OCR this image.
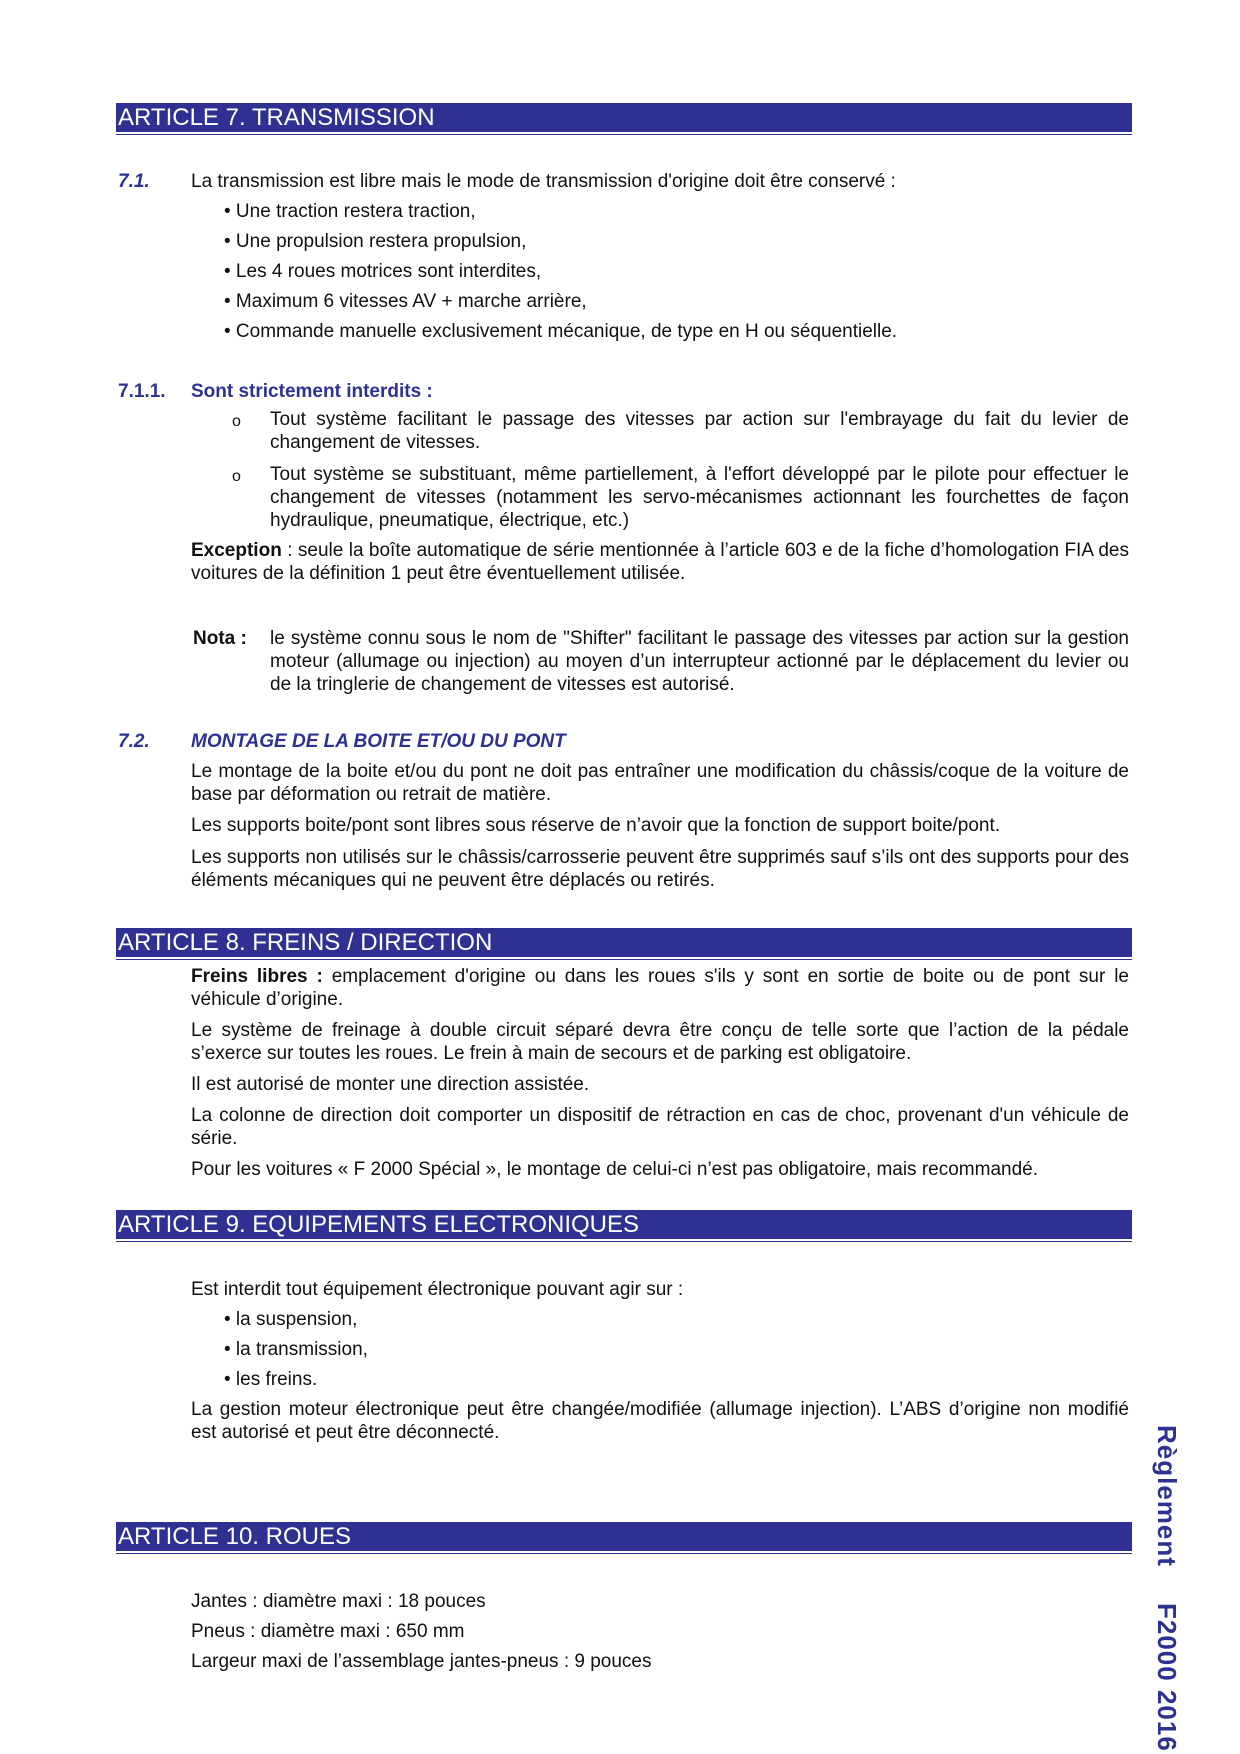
ARTICLE 7. TRANSMISSION
7.1. La transmission est libre mais le mode de transmission d'origine doit être conservé :
• Une traction restera traction,
• Une propulsion restera propulsion,
• Les 4 roues motrices sont interdites,
• Maximum 6 vitesses AV + marche arrière,
• Commande manuelle exclusivement mécanique, de type en H ou séquentielle.
7.1.1. Sont strictement interdits :
o Tout système facilitant le passage des vitesses par action sur l'embrayage du fait du levier de changement de vitesses.
o Tout système se substituant, même partiellement, à l'effort développé par le pilote pour effectuer le changement de vitesses (notamment les servo-mécanismes actionnant les fourchettes de façon hydraulique, pneumatique, électrique, etc.)
Exception : seule la boîte automatique de série mentionnée à l’article 603 e de la fiche d’homologation FIA des voitures de la définition 1 peut être éventuellement utilisée.
Nota : le système connu sous le nom de "Shifter" facilitant le passage des vitesses par action sur la gestion moteur (allumage ou injection) au moyen d’un interrupteur actionné par le déplacement du levier ou de la tringlerie de changement de vitesses est autorisé.
7.2. MONTAGE DE LA BOITE ET/OU DU PONT
Le montage de la boite et/ou du pont ne doit pas entraîner une modification du châssis/coque de la voiture de base par déformation ou retrait de matière.
Les supports boite/pont sont libres sous réserve de n’avoir que la fonction de support boite/pont.
Les supports non utilisés sur le châssis/carrosserie peuvent être supprimés sauf s’ils ont des supports pour des éléments mécaniques qui ne peuvent être déplacés ou retirés.
ARTICLE 8. FREINS / DIRECTION
Freins libres : emplacement d'origine ou dans les roues s'ils y sont en sortie de boite ou de pont sur le véhicule d’origine.
Le système de freinage à double circuit séparé devra être conçu de telle sorte que l’action de la pédale s’exerce sur toutes les roues. Le frein à main de secours et de parking est obligatoire.
Il est autorisé de monter une direction assistée.
La colonne de direction doit comporter un dispositif de rétraction en cas de choc, provenant d'un véhicule de série.
Pour les voitures « F 2000 Spécial », le montage de celui-ci n’est pas obligatoire, mais recommandé.
ARTICLE 9. EQUIPEMENTS ELECTRONIQUES
Est interdit tout équipement électronique pouvant agir sur :
• la suspension,
• la transmission,
• les freins.
La gestion moteur électronique peut être changée/modifiée (allumage injection). L’ABS d’origine non modifié est autorisé et peut être déconnecté.
ARTICLE 10. ROUES
Jantes : diamètre maxi : 18 pouces
Pneus : diamètre maxi : 650 mm
Largeur maxi de l’assemblage jantes-pneus : 9 pouces
Règlement F2000 2016
